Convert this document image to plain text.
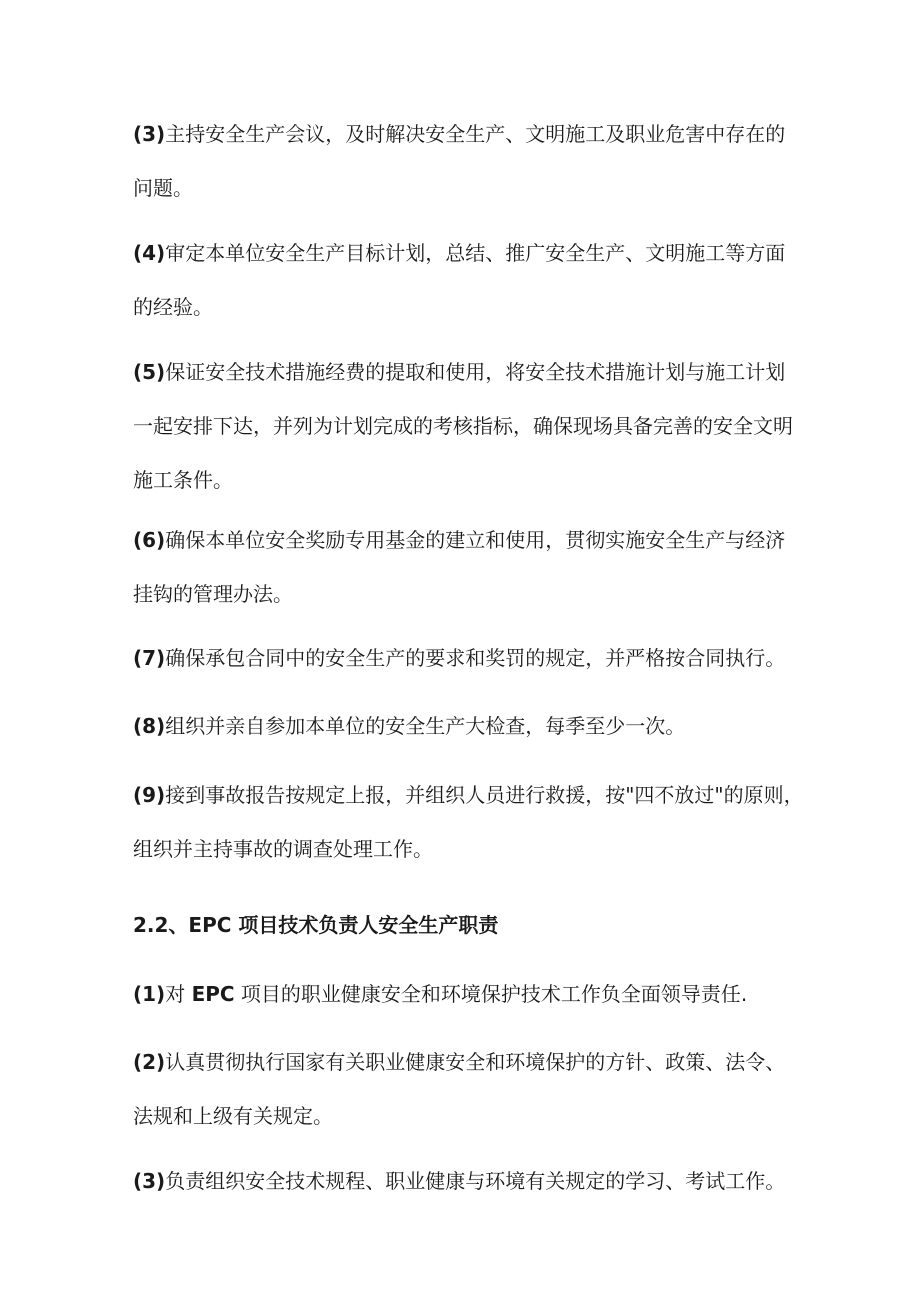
(3)主持安全生产会议，及时解决安全生产、文明施工及职业危害中存在的
问题。
(4)审定本单位安全生产目标计划，总结、推广安全生产、文明施工等方面
的经验。
(5)保证安全技术措施经费的提取和使用，将安全技术措施计划与施工计划
一起安排下达，并列为计划完成的考核指标，确保现场具备完善的安全文明
施工条件。
(6)确保本单位安全奖励专用基金的建立和使用，贯彻实施安全生产与经济
挂钩的管理办法。
(7)确保承包合同中的安全生产的要求和奖罚的规定，并严格按合同执行。
(8)组织并亲自参加本单位的安全生产大检查，每季至少一次。
(9)接到事故报告按规定上报，并组织人员进行救援，按"四不放过"的原则，
组织并主持事故的调查处理工作。
2.2、EPC 项目技术负责人安全生产职责
(1)对 EPC 项目的职业健康安全和环境保护技术工作负全面领导责任.
(2)认真贯彻执行国家有关职业健康安全和环境保护的方针、政策、法令、
法规和上级有关规定。
(3)负责组织安全技术规程、职业健康与环境有关规定的学习、考试工作。
